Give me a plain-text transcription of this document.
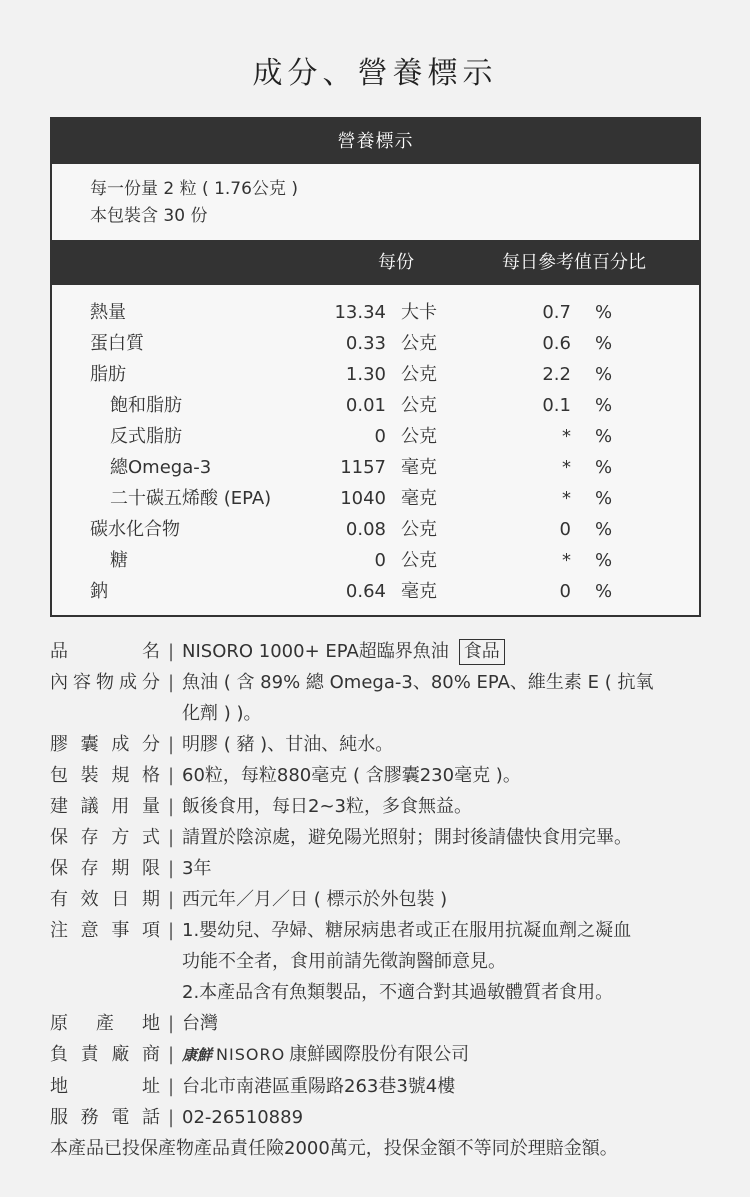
成分、營養標示
營養標示
每一份量 2 粒 ( 1.76公克 )
本包裝含 30 份
每份	每日參考值百分比
熱量	13.34 大卡	0.7 %
蛋白質	0.33 公克	0.6 %
脂肪	1.30 公克	2.2 %
飽和脂肪	0.01 公克	0.1 %
反式脂肪	0 公克	* %
總Omega-3	1157 毫克	* %
二十碳五烯酸 (EPA)	1040 毫克	* %
碳水化合物	0.08 公克	0 %
糖	0 公克	* %
鈉	0.64 毫克	0 %
品	名 | NISORO 1000+ EPA超臨界魚油 食品
內 容 物 成 分 | 魚油 ( 含 89% 總 Omega-3、80% EPA、維生素 E ( 抗氧
化劑 ) )。
膠 囊 成 分 | 明膠 ( 豬 )、甘油、純水。
包 裝 規 格 | 60粒，每粒880毫克 ( 含膠囊230毫克 )。
建 議 用 量 | 飯後食用，每日2~3粒，多食無益。
保 存 方 式 | 請置於陰涼處，避免陽光照射；開封後請儘快食用完畢。
保 存 期 限 | 3年
有 效 日 期 | 西元年／月／日 ( 標示於外包裝 )
注 意 事 項 | 1.嬰幼兒、孕婦、糖尿病患者或正在服用抗凝血劑之凝血
功能不全者，食用前請先徵詢醫師意見。
2.本產品含有魚類製品，不適合對其過敏體質者食用。
原 產 地 | 台灣
負 責 廠 商 | 康鮮 NISORO 康鮮國際股份有限公司
地	址 | 台北市南港區重陽路263巷3號4樓
服 務 電 話 | 02-26510889
本產品已投保產物產品責任險2000萬元，投保金額不等同於理賠金額。
